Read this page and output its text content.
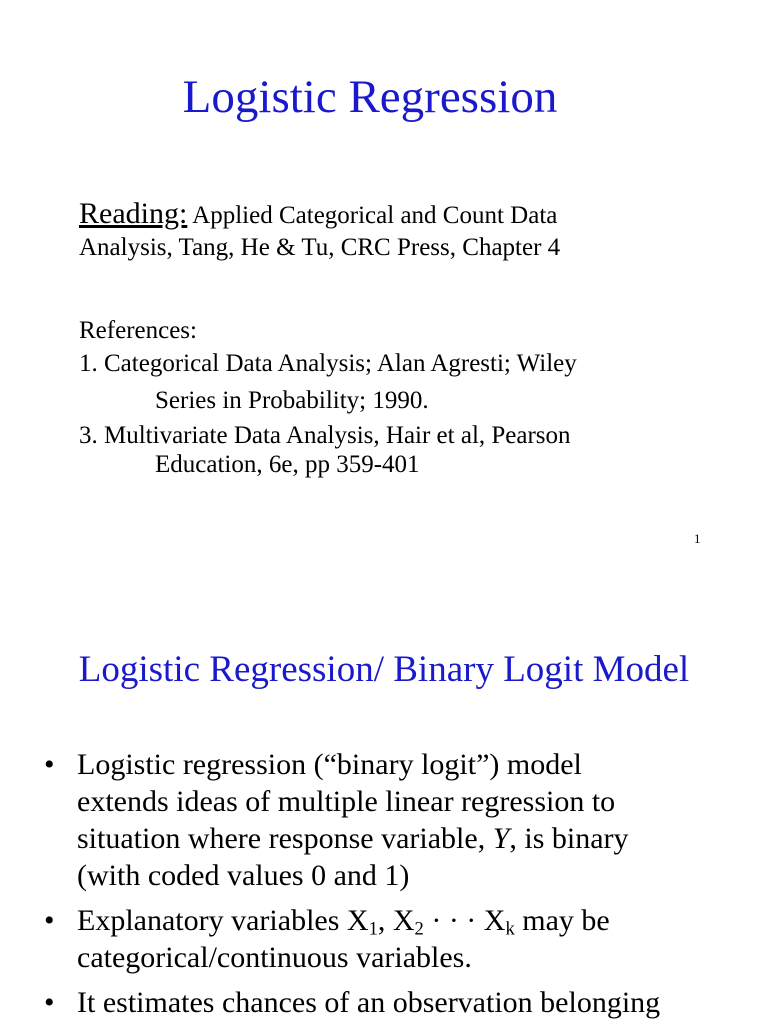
Logistic Regression
Reading: Applied Categorical and Count Data
Analysis, Tang, He & Tu, CRC Press, Chapter 4
References:
1. Categorical Data Analysis; Alan Agresti; Wiley
Series in Probability; 1990.
3. Multivariate Data Analysis, Hair et al, Pearson
Education, 6e, pp 359-401
1
Logistic Regression/ Binary Logit Model
• Logistic regression (“binary logit”) model
extends ideas of multiple linear regression to
situation where response variable, Y, is binary
(with coded values 0 and 1)
• Explanatory variables $X_1$, $X_2$ · · · $X_k$ may be
categorical/continuous variables.
• It estimates chances of an observation belonging
